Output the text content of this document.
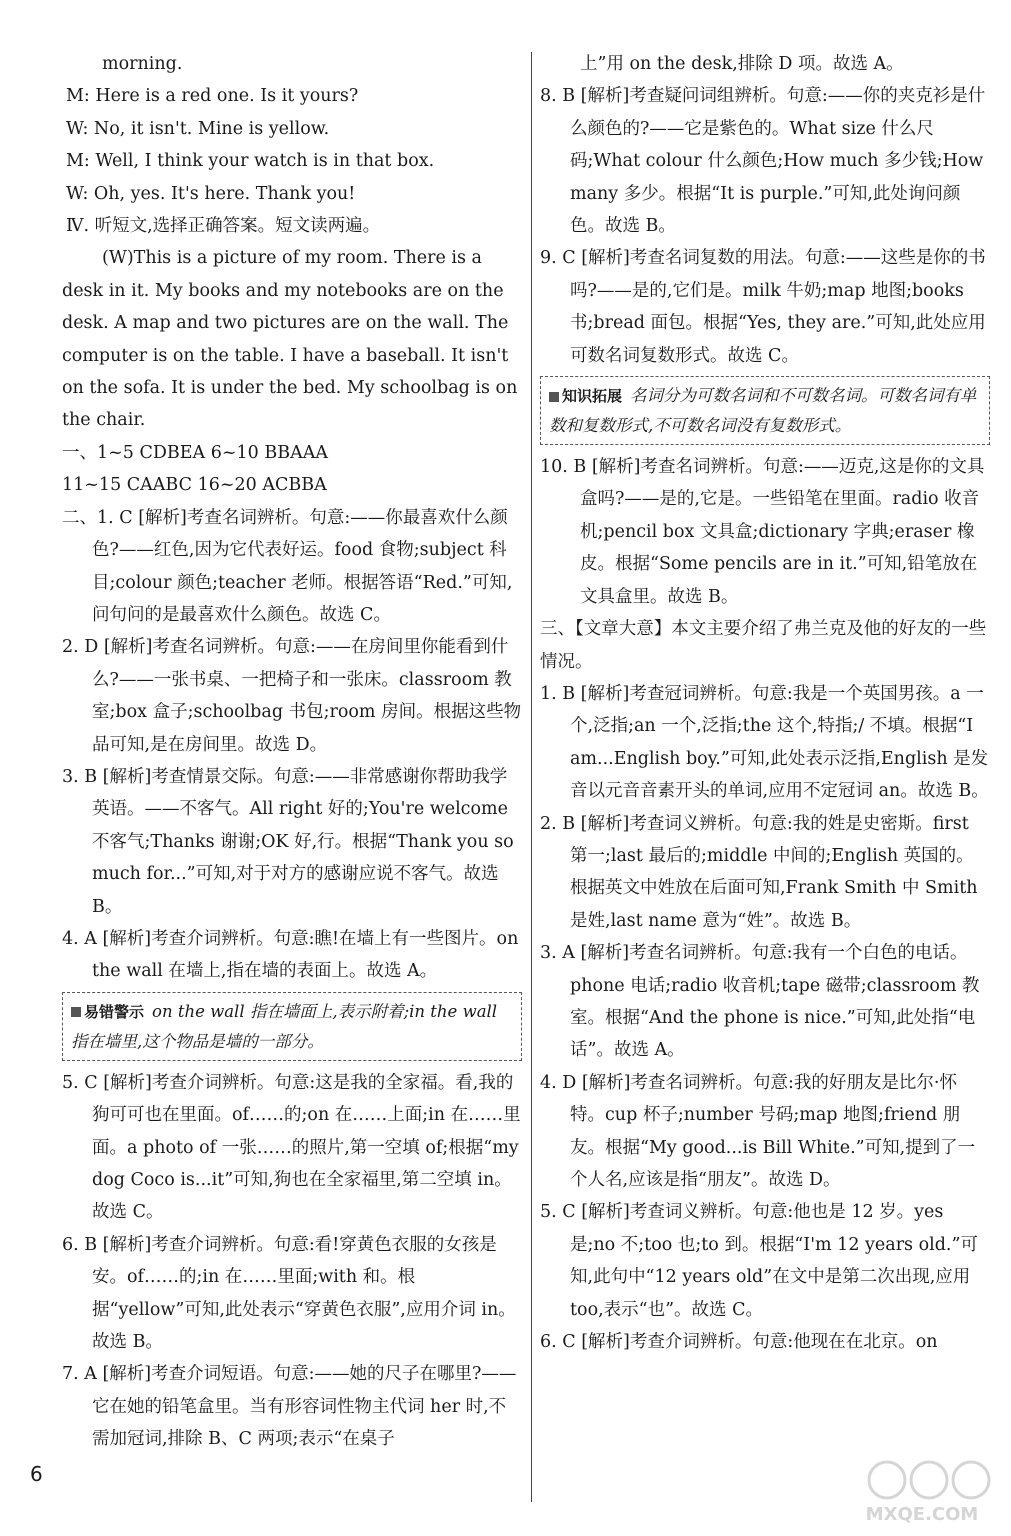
morning.

M: Here is a red one. Is it yours?

W: No, it isn't. Mine is yellow.

M: Well, I think your watch is in that box.

W: Oh, yes. It's here. Thank you!

Ⅳ. 听短文,选择正确答案。短文读两遍。

(W)This is a picture of my room. There is a desk in it. My books and my notebooks are on the desk. A map and two pictures are on the wall. The computer is on the table. I have a baseball. It isn't on the sofa. It is under the bed. My schoolbag is on the chair.

一、1~5 CDBEA 6~10 BBAAA

11~15 CAABC 16~20 ACBBA

二、1. C [解析]考查名词辨析。句意:——你最喜欢什么颜色?——红色,因为它代表好运。food 食物;subject 科目;colour 颜色;teacher 老师。根据答语“Red.”可知,问句问的是最喜欢什么颜色。故选 C。

2. D [解析]考查名词辨析。句意:——在房间里你能看到什么?——一张书桌、一把椅子和一张床。classroom 教室;box 盒子;schoolbag 书包;room 房间。根据这些物品可知,是在房间里。故选 D。

3. B [解析]考查情景交际。句意:——非常感谢你帮助我学英语。——不客气。All right 好的;You're welcome 不客气;Thanks 谢谢;OK 好,行。根据“Thank you so much for...”可知,对于对方的感谢应说不客气。故选 B。

4. A [解析]考查介词辨析。句意:瞧!在墙上有一些图片。on the wall 在墙上,指在墙的表面上。故选 A。

易错警示 on the wall 指在墙面上,表示附着;in the wall 指在墙里,这个物品是墙的一部分。

5. C [解析]考查介词辨析。句意:这是我的全家福。看,我的狗可可也在里面。of……的;on 在……上面;in 在……里面。a photo of 一张……的照片,第一空填 of;根据“my dog Coco is...it”可知,狗也在全家福里,第二空填 in。故选 C。

6. B [解析]考查介词辨析。句意:看!穿黄色衣服的女孩是安。of……的;in 在……里面;with 和。根据“yellow”可知,此处表示“穿黄色衣服”,应用介词 in。故选 B。

7. A [解析]考查介词短语。句意:——她的尺子在哪里?——它在她的铅笔盒里。当有形容词性物主代词 her 时,不需加冠词,排除 B、C 两项;表示“在桌子

上”用 on the desk,排除 D 项。故选 A。

8. B [解析]考查疑问词组辨析。句意:——你的夹克衫是什么颜色的?——它是紫色的。What size 什么尺码;What colour 什么颜色;How much 多少钱;How many 多少。根据“It is purple.”可知,此处询问颜色。故选 B。

9. C [解析]考查名词复数的用法。句意:——这些是你的书吗?——是的,它们是。milk 牛奶;map 地图;books 书;bread 面包。根据“Yes, they are.”可知,此处应用可数名词复数形式。故选 C。

知识拓展 名词分为可数名词和不可数名词。可数名词有单数和复数形式,不可数名词没有复数形式。

10. B [解析]考查名词辨析。句意:——迈克,这是你的文具盒吗?——是的,它是。一些铅笔在里面。radio 收音机;pencil box 文具盒;dictionary 字典;eraser 橡皮。根据“Some pencils are in it.”可知,铅笔放在文具盒里。故选 B。

三、【文章大意】本文主要介绍了弗兰克及他的好友的一些情况。

1. B [解析]考查冠词辨析。句意:我是一个英国男孩。a 一个,泛指;an 一个,泛指;the 这个,特指;/ 不填。根据“I am...English boy.”可知,此处表示泛指,English 是发音以元音音素开头的单词,应用不定冠词 an。故选 B。

2. B [解析]考查词义辨析。句意:我的姓是史密斯。first 第一;last 最后的;middle 中间的;English 英国的。根据英文中姓放在后面可知,Frank Smith 中 Smith 是姓,last name 意为“姓”。故选 B。

3. A [解析]考查名词辨析。句意:我有一个白色的电话。phone 电话;radio 收音机;tape 磁带;classroom 教室。根据“And the phone is nice.”可知,此处指“电话”。故选 A。

4. D [解析]考查名词辨析。句意:我的好朋友是比尔·怀特。cup 杯子;number 号码;map 地图;friend 朋友。根据“My good...is Bill White.”可知,提到了一个人名,应该是指“朋友”。故选 D。

5. C [解析]考查词义辨析。句意:他也是 12 岁。yes 是;no 不;too 也;to 到。根据“I'm 12 years old.”可知,此句中“12 years old”在文中是第二次出现,应用 too,表示“也”。故选 C。

6. C [解析]考查介词辨析。句意:他现在在北京。on

6
MXQE.COM
